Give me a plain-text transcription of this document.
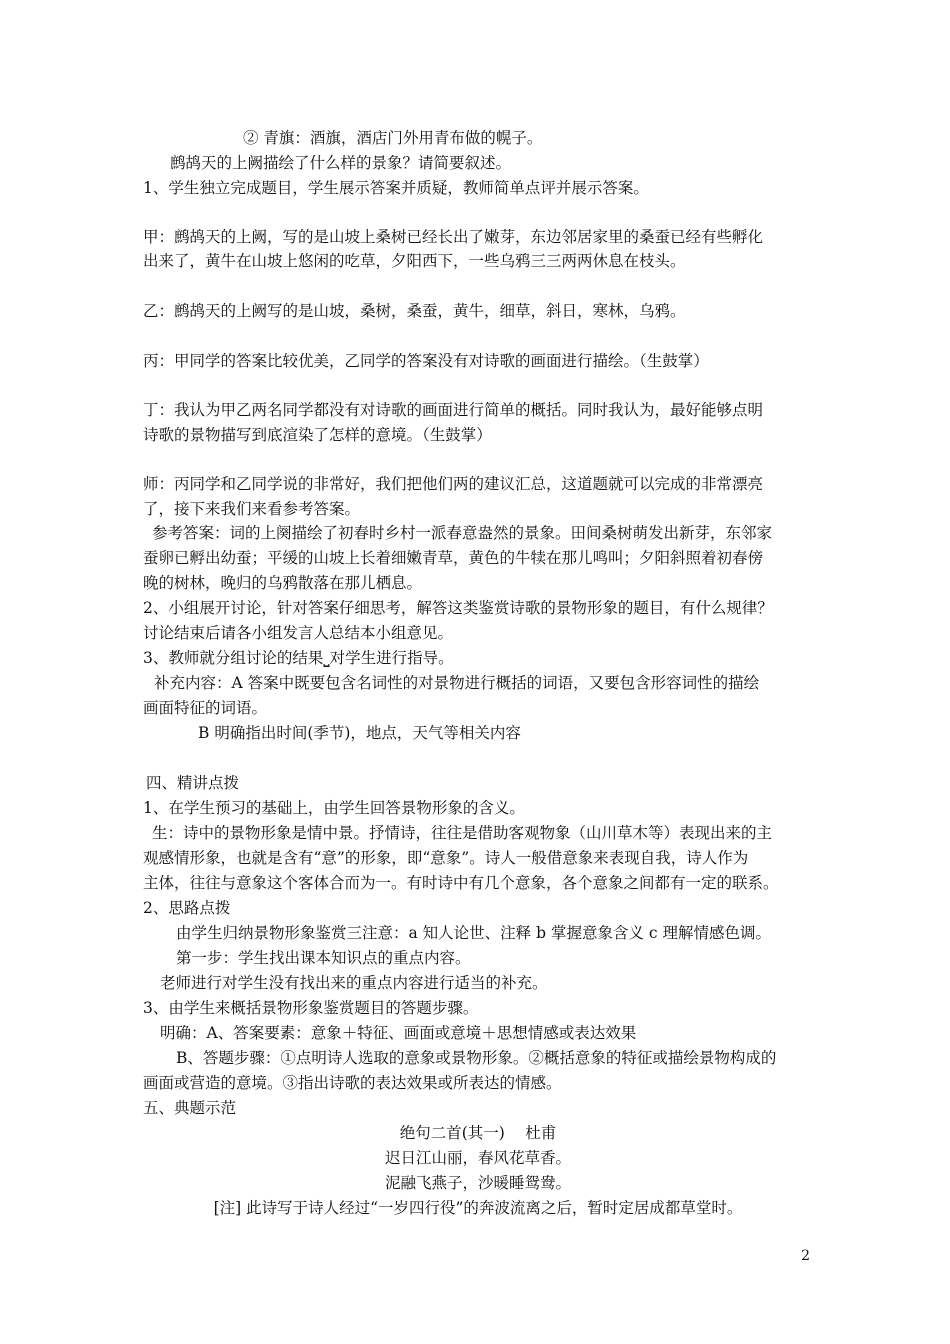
② 青旗：酒旗，酒店门外用青布做的幌子。
鹧鸪天的上阙描绘了什么样的景象？请简要叙述。
1、学生独立完成题目，学生展示答案并质疑，教师简单点评并展示答案。
甲：鹧鸪天的上阙，写的是山坡上桑树已经长出了嫩芽，东边邻居家里的桑蚕已经有些孵化
出来了，黄牛在山坡上悠闲的吃草，夕阳西下，一些乌鸦三三两两休息在枝头。
乙：鹧鸪天的上阙写的是山坡，桑树，桑蚕，黄牛，细草，斜日，寒林，乌鸦。
丙：甲同学的答案比较优美，乙同学的答案没有对诗歌的画面进行描绘。（生鼓掌）
丁：我认为甲乙两名同学都没有对诗歌的画面进行简单的概括。同时我认为，最好能够点明
诗歌的景物描写到底渲染了怎样的意境。（生鼓掌）
师：丙同学和乙同学说的非常好，我们把他们两的建议汇总，这道题就可以完成的非常漂亮
了，接下来我们来看参考答案。
参考答案：词的上阕描绘了初春时乡村一派春意盎然的景象。田间桑树萌发出新芽，东邻家
蚕卵已孵出幼蚕；平缓的山坡上长着细嫩青草，黄色的牛犊在那儿鸣叫；夕阳斜照着初春傍
晚的树林，晚归的乌鸦散落在那儿栖息。
2、小组展开讨论，针对答案仔细思考，解答这类鉴赏诗歌的景物形象的题目，有什么规律？
讨论结束后请各小组发言人总结本小组意见。
3、教师就分组讨论的结果⎵对学生进行指导。
补充内容：A 答案中既要包含名词性的对景物进行概括的词语，又要包含形容词性的描绘
画面特征的词语。
B 明确指出时间(季节)，地点，天气等相关内容
四、精讲点拨
1、在学生预习的基础上，由学生回答景物形象的含义。
生：诗中的景物形象是情中景。抒情诗，往往是借助客观物象（山川草木等）表现出来的主
观感情形象，也就是含有“意”的形象，即“意象”。诗人一般借意象来表现自我，诗人作为
主体，往往与意象这个客体合而为一。有时诗中有几个意象，各个意象之间都有一定的联系。
2、思路点拨
由学生归纳景物形象鉴赏三注意：a 知人论世、注释 b 掌握意象含义 c 理解情感色调。
第一步：学生找出课本知识点的重点内容。
老师进行对学生没有找出来的重点内容进行适当的补充。
3、由学生来概括景物形象鉴赏题目的答题步骤。
明确：A、答案要素：意象＋特征、画面或意境＋思想情感或表达效果
B、答题步骤：①点明诗人选取的意象或景物形象。②概括意象的特征或描绘景物构成的
画面或营造的意境。③指出诗歌的表达效果或所表达的情感。
五、典题示范
绝句二首(其一)　 杜甫
迟日江山丽，春风花草香。
泥融飞燕子，沙暖睡鸳鸯。
[注] 此诗写于诗人经过“一岁四行役”的奔波流离之后，暂时定居成都草堂时。
2
